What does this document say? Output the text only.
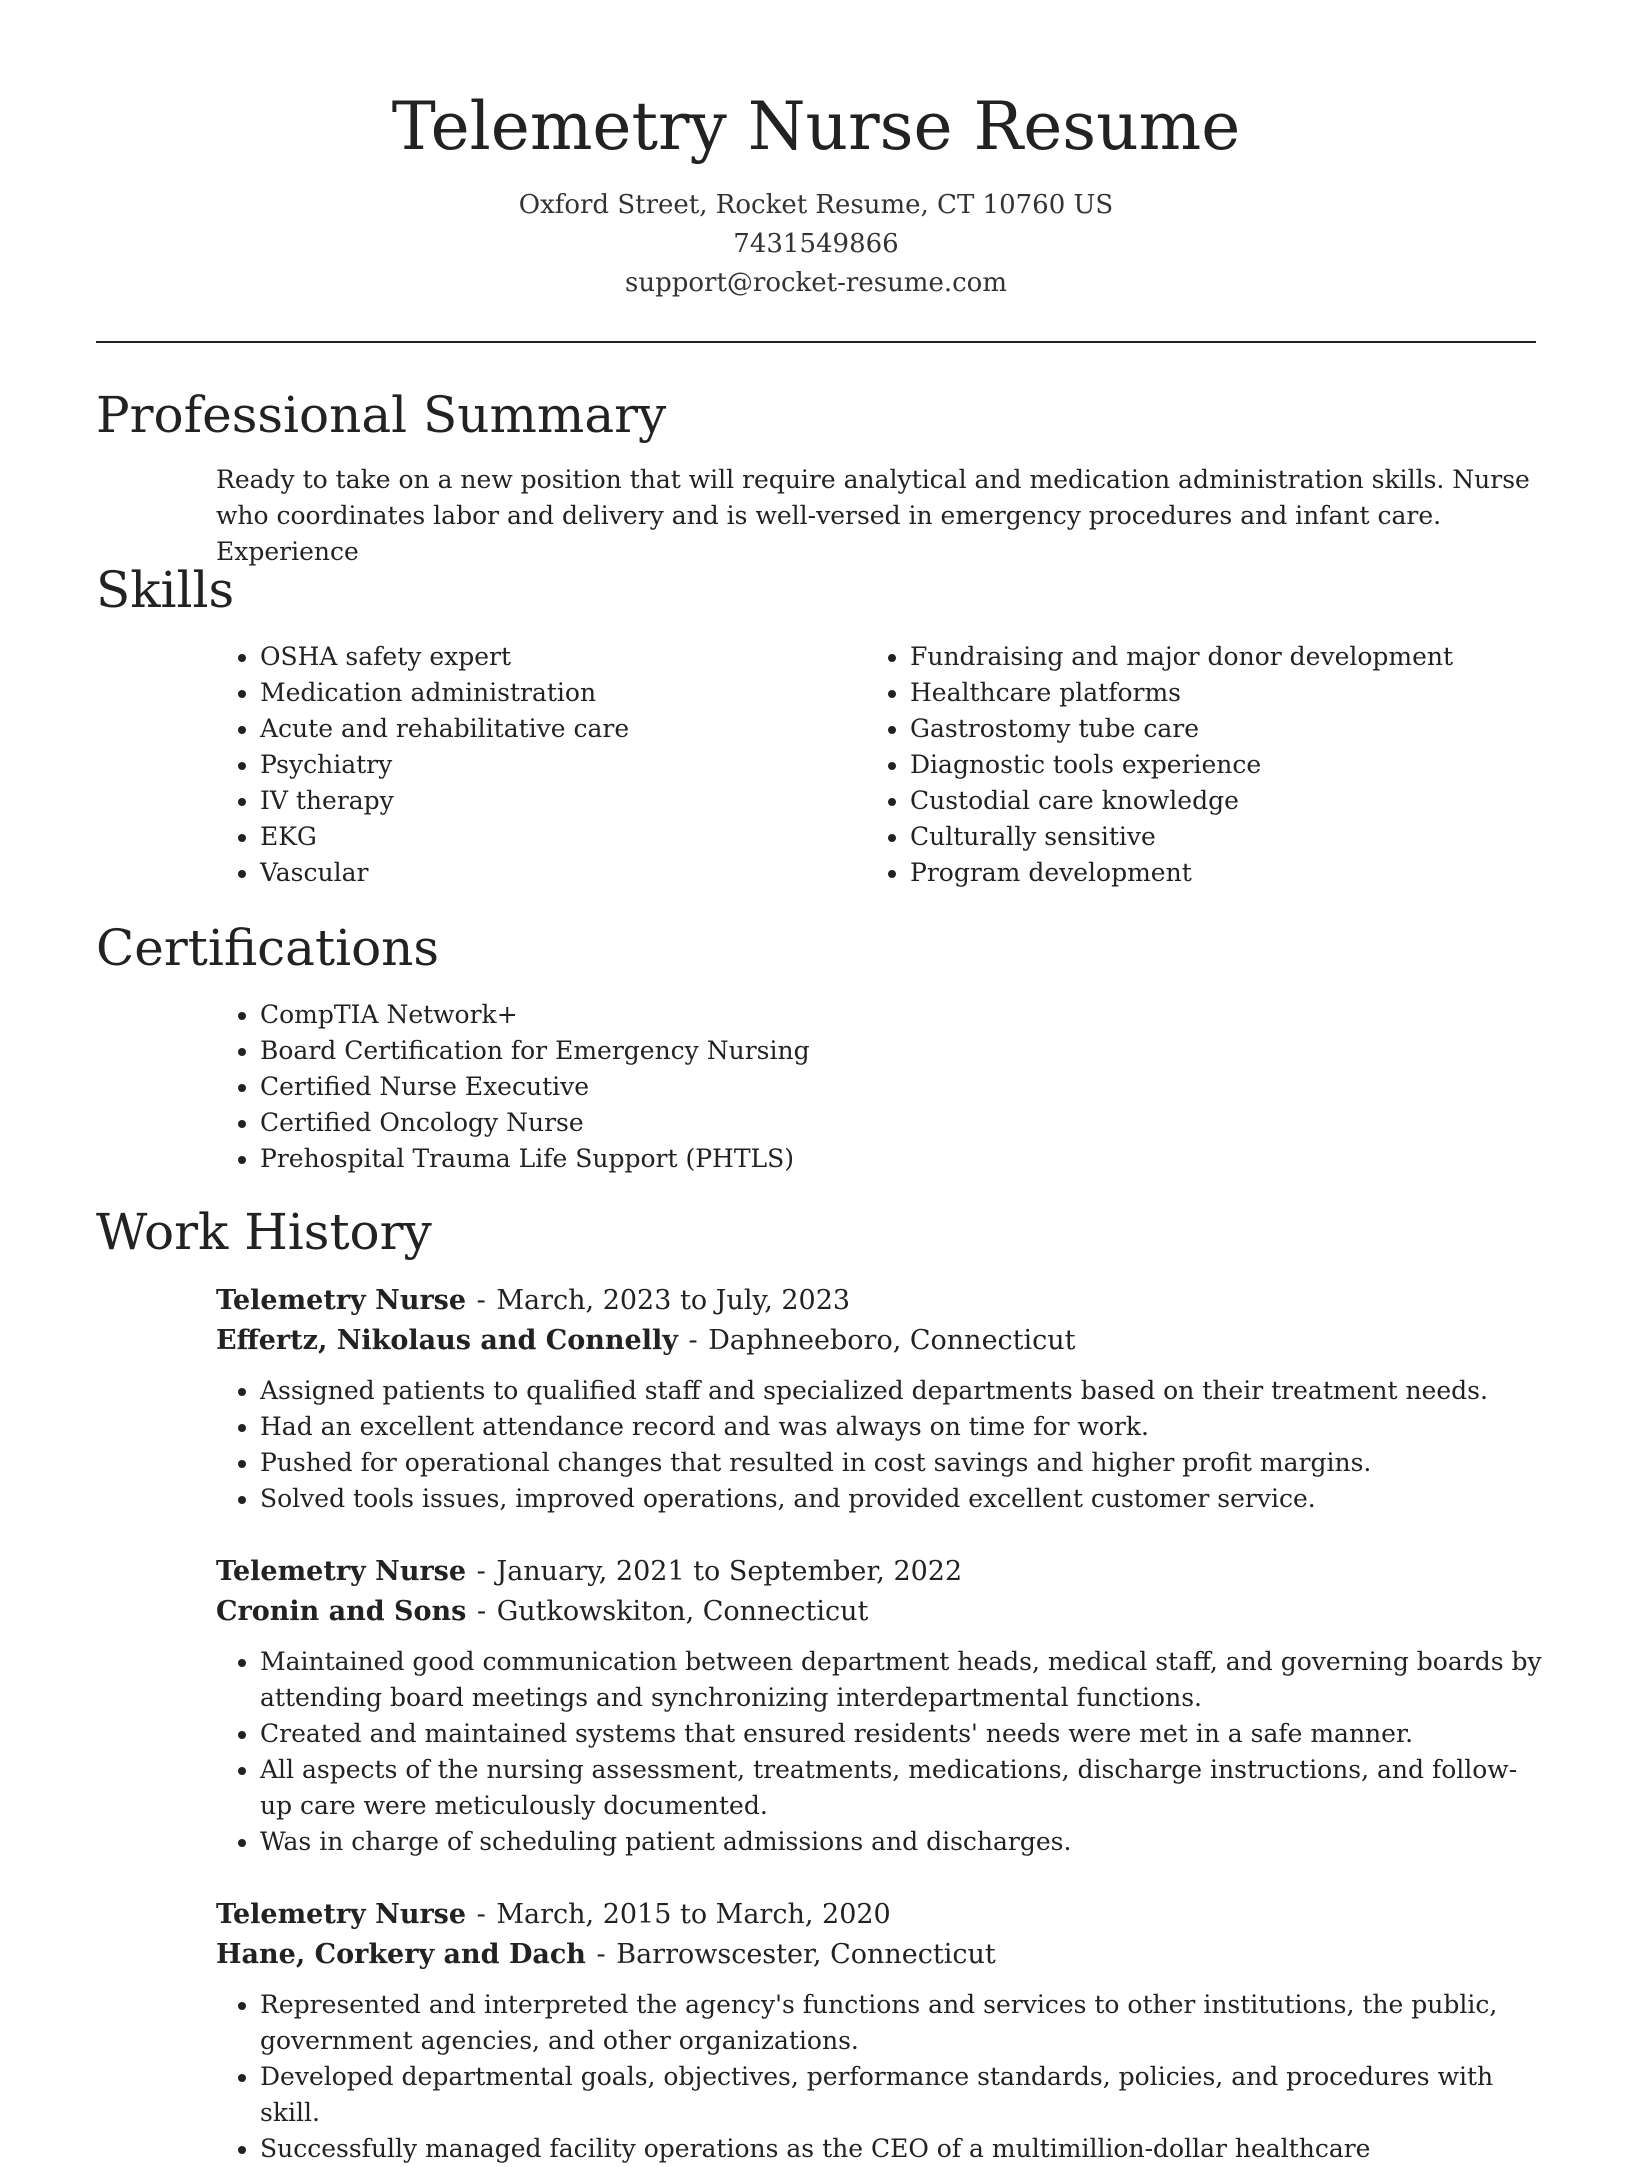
Telemetry Nurse Resume
Oxford Street, Rocket Resume, CT 10760 US
7431549866
support@rocket-resume.com
Professional Summary

Ready to take on a new position that will require analytical and medication administration skills. Nurse who coordinates labor and delivery and is well-versed in emergency procedures and infant care. Experience

Skills
• OSHA safety expert
• Medication administration
• Acute and rehabilitative care
• Psychiatry
• IV therapy
• EKG
• Vascular
• Fundraising and major donor development
• Healthcare platforms
• Gastrostomy tube care
• Diagnostic tools experience
• Custodial care knowledge
• Culturally sensitive
• Program development
Certifications
• CompTIA Network+
• Board Certification for Emergency Nursing
• Certified Nurse Executive
• Certified Oncology Nurse
• Prehospital Trauma Life Support (PHTLS)
Work History

Telemetry Nurse - March, 2023 to July, 2023

Effertz, Nikolaus and Connelly - Daphneeboro, Connecticut

• Assigned patients to qualified staff and specialized departments based on their treatment needs.
• Had an excellent attendance record and was always on time for work.
• Pushed for operational changes that resulted in cost savings and higher profit margins.
• Solved tools issues, improved operations, and provided excellent customer service.

Telemetry Nurse - January, 2021 to September, 2022

Cronin and Sons - Gutkowskiton, Connecticut

• Maintained good communication between department heads, medical staff, and governing boards by attending board meetings and synchronizing interdepartmental functions.
• Created and maintained systems that ensured residents' needs were met in a safe manner.
• All aspects of the nursing assessment, treatments, medications, discharge instructions, and follow-up care were meticulously documented.
• Was in charge of scheduling patient admissions and discharges.

Telemetry Nurse - March, 2015 to March, 2020

Hane, Corkery and Dach - Barrowscester, Connecticut

• Represented and interpreted the agency's functions and services to other institutions, the public, government agencies, and other organizations.
• Developed departmental goals, objectives, performance standards, policies, and procedures with skill.
• Successfully managed facility operations as the CEO of a multimillion-dollar healthcare
